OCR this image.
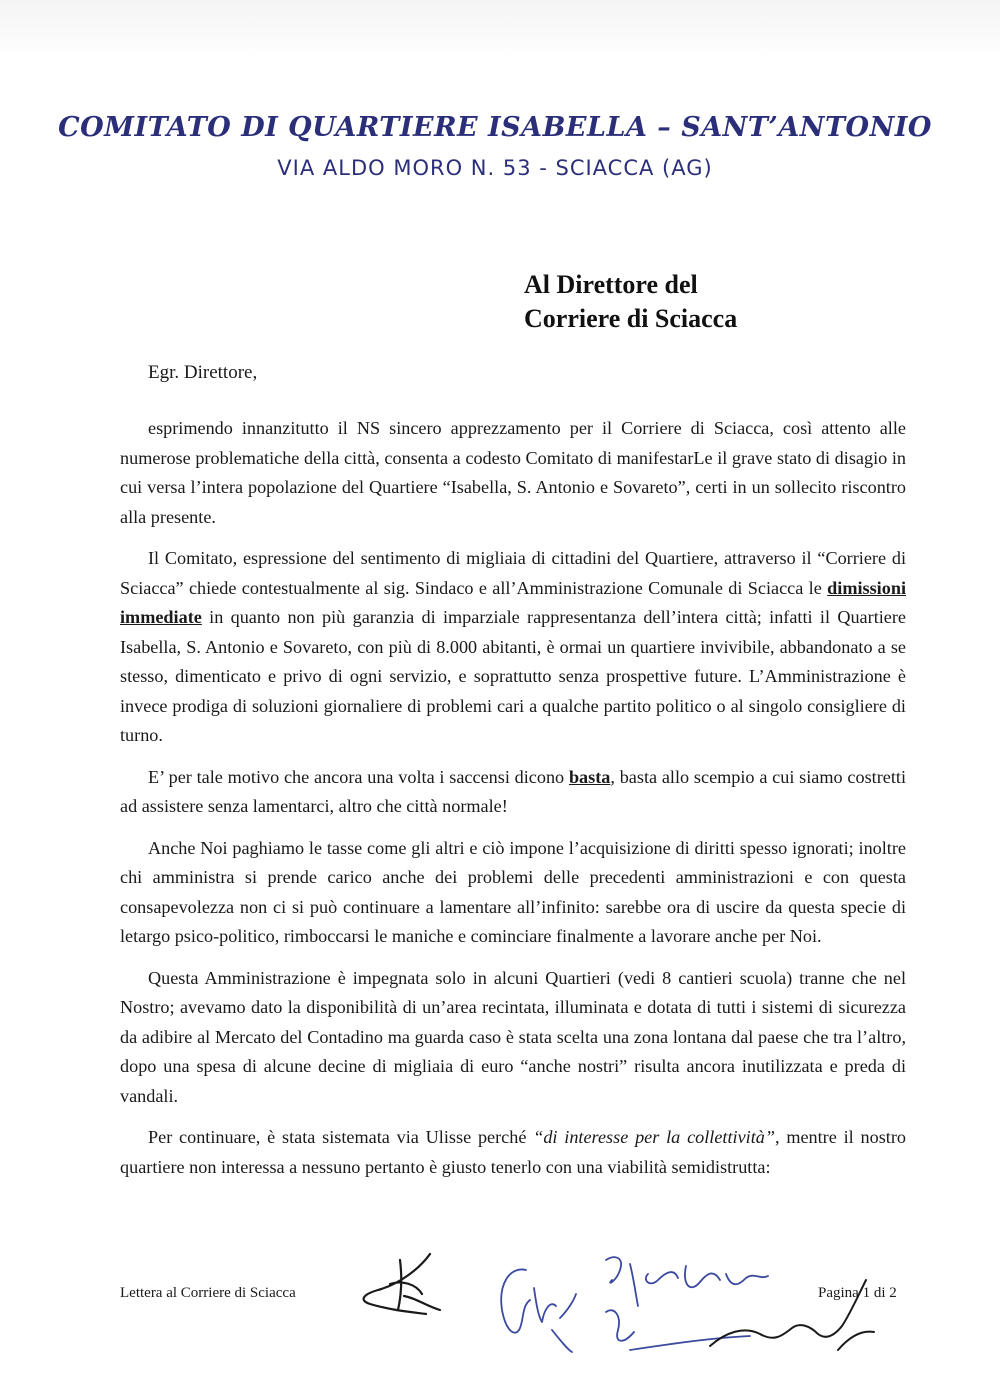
COMITATO DI QUARTIERE ISABELLA – SANT’ANTONIO
VIA ALDO MORO N. 53 - SCIACCA (AG)
Al Direttore del
Corriere di Sciacca
Egr. Direttore,

esprimendo innanzitutto il NS sincero apprezzamento per il Corriere di Sciacca, così attento alle numerose problematiche della città, consenta a codesto Comitato di manifestarLe il grave stato di disagio in cui versa l’intera popolazione del Quartiere “Isabella, S. Antonio e Sovareto”, certi in un sollecito riscontro alla presente.

Il Comitato, espressione del sentimento di migliaia di cittadini del Quartiere, attraverso il “Corriere di Sciacca” chiede contestualmente al sig. Sindaco e all’Amministrazione Comunale di Sciacca le dimissioni immediate in quanto non più garanzia di imparziale rappresentanza dell’intera città; infatti il Quartiere Isabella, S. Antonio e Sovareto, con più di 8.000 abitanti, è ormai un quartiere invivibile, abbandonato a se stesso, dimenticato e privo di ogni servizio, e soprattutto senza prospettive future. L’Amministrazione è invece prodiga di soluzioni giornaliere di problemi cari a qualche partito politico o al singolo consigliere di turno.

E’ per tale motivo che ancora una volta i saccensi dicono basta, basta allo scempio a cui siamo costretti ad assistere senza lamentarci, altro che città normale!

Anche Noi paghiamo le tasse come gli altri e ciò impone l’acquisizione di diritti spesso ignorati; inoltre chi amministra si prende carico anche dei problemi delle precedenti amministrazioni e con questa consapevolezza non ci si può continuare a lamentare all’infinito: sarebbe ora di uscire da questa specie di letargo psico-politico, rimboccarsi le maniche e cominciare finalmente a lavorare anche per Noi.

Questa Amministrazione è impegnata solo in alcuni Quartieri (vedi 8 cantieri scuola) tranne che nel Nostro; avevamo dato la disponibilità di un’area recintata, illuminata e dotata di tutti i sistemi di sicurezza da adibire al Mercato del Contadino ma guarda caso è stata scelta una zona lontana dal paese che tra l’altro, dopo una spesa di alcune decine di migliaia di euro “anche nostri” risulta ancora inutilizzata e preda di vandali.

Per continuare, è stata sistemata via Ulisse perché “di interesse per la collettività”, mentre il nostro quartiere non interessa a nessuno pertanto è giusto tenerlo con una viabilità semidistrutta:

Lettera al Corriere di Sciacca	Pagina 1 di 2
